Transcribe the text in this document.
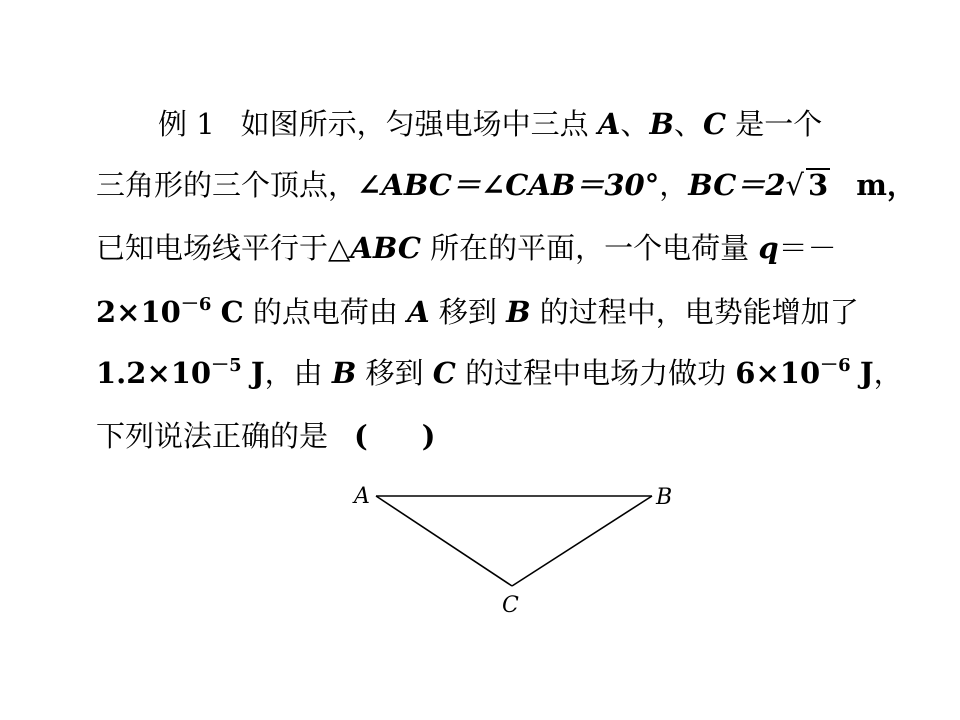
例 1 如图所示，匀强电场中三点 A、B、C 是一个
三角形的三个顶点，∠ABC＝∠CAB＝30°，BC＝2√ 3 m，
已知电场线平行于△ABC 所在的平面，一个电荷量 q＝－
$2\times 10^{-6}$ C 的点电荷由 A 移到 B 的过程中，电势能增加了
$1.2\times 10^{-5}$ J，由 B 移到 C 的过程中电场力做功 $6\times 10^{-6}$ J，
下列说法正确的是 ( )
A	B
C
